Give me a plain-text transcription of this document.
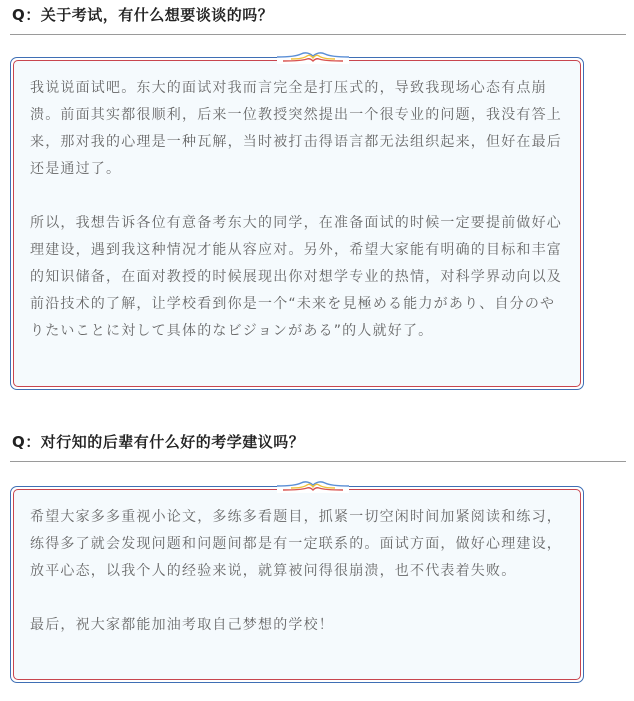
Q：关于考试，有什么想要谈谈的吗？

我说说面试吧。东大的面试对我而言完全是打压式的，导致我现场心态有点崩溃。前面其实都很顺利，后来一位教授突然提出一个很专业的问题，我没有答上来，那对我的心理是一种瓦解，当时被打击得语言都无法组织起来，但好在最后还是通过了。

所以，我想告诉各位有意备考东大的同学，在准备面试的时候一定要提前做好心理建设，遇到我这种情况才能从容应对。另外，希望大家能有明确的目标和丰富的知识储备，在面对教授的时候展现出你对想学专业的热情，对科学界动向以及前沿技术的了解，让学校看到你是一个“未来を見極める能力があり、自分のやりたいことに対して具体的なビジョンがある”的人就好了。

Q：对行知的后辈有什么好的考学建议吗？

希望大家多多重视小论文，多练多看题目，抓紧一切空闲时间加紧阅读和练习，练得多了就会发现问题和问题间都是有一定联系的。面试方面，做好心理建设，放平心态，以我个人的经验来说，就算被问得很崩溃，也不代表着失败。

最后，祝大家都能加油考取自己梦想的学校！
